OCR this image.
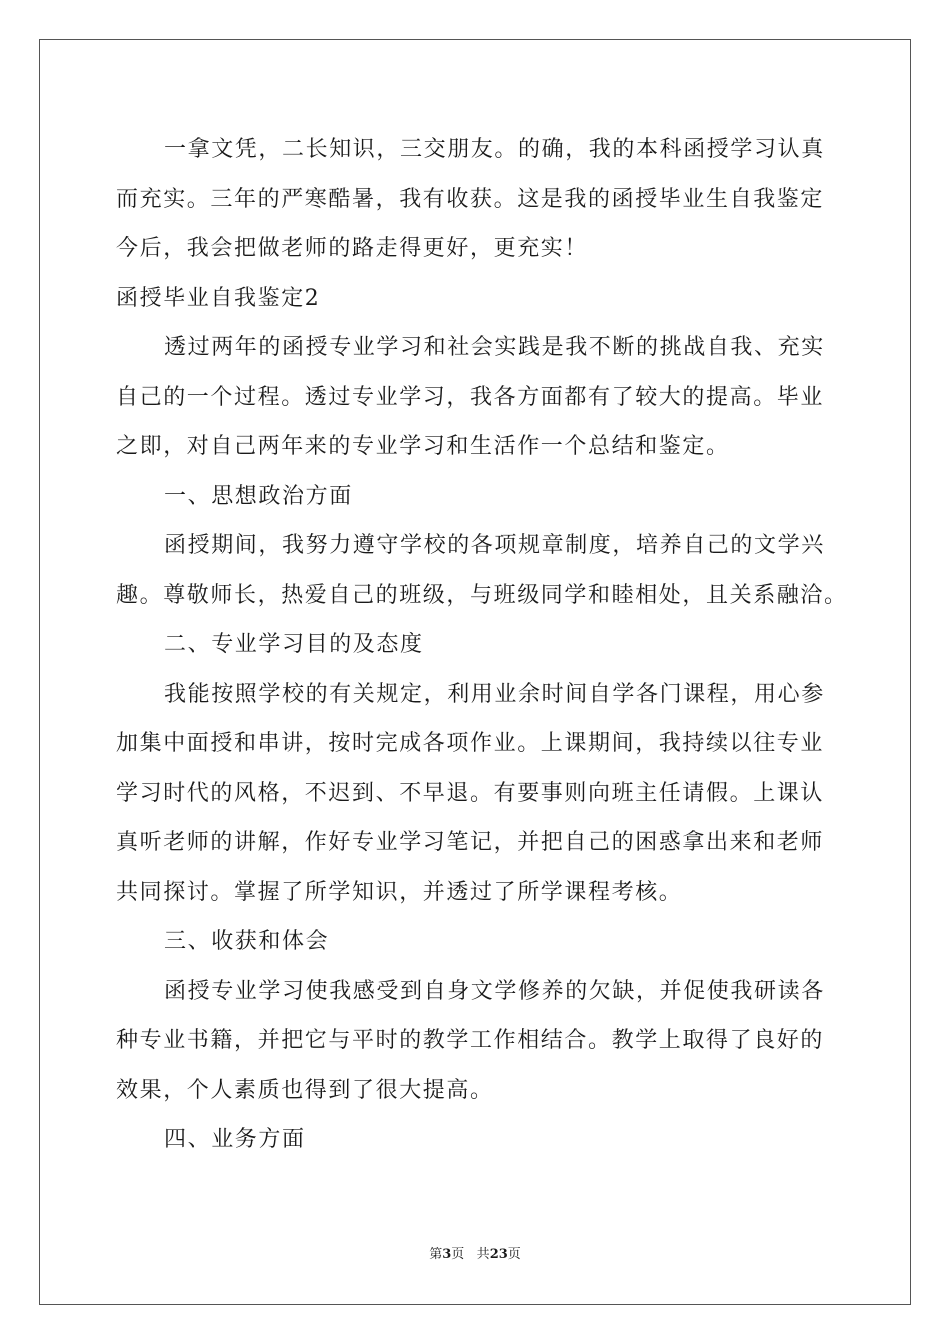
一拿文凭，二长知识，三交朋友。的确，我的本科函授学习认真
而充实。三年的严寒酷暑，我有收获。这是我的函授毕业生自我鉴定
今后，我会把做老师的路走得更好，更充实！
函授毕业自我鉴定2
透过两年的函授专业学习和社会实践是我不断的挑战自我、充实
自己的一个过程。透过专业学习，我各方面都有了较大的提高。毕业
之即，对自己两年来的专业学习和生活作一个总结和鉴定。
一、思想政治方面
函授期间，我努力遵守学校的各项规章制度，培养自己的文学兴
趣。尊敬师长，热爱自己的班级，与班级同学和睦相处，且关系融洽。
二、专业学习目的及态度
我能按照学校的有关规定，利用业余时间自学各门课程，用心参
加集中面授和串讲，按时完成各项作业。上课期间，我持续以往专业
学习时代的风格，不迟到、不早退。有要事则向班主任请假。上课认
真听老师的讲解，作好专业学习笔记，并把自己的困惑拿出来和老师
共同探讨。掌握了所学知识，并透过了所学课程考核。
三、收获和体会
函授专业学习使我感受到自身文学修养的欠缺，并促使我研读各
种专业书籍，并把它与平时的教学工作相结合。教学上取得了良好的
效果，个人素质也得到了很大提高。
四、业务方面
第3页 共23页
